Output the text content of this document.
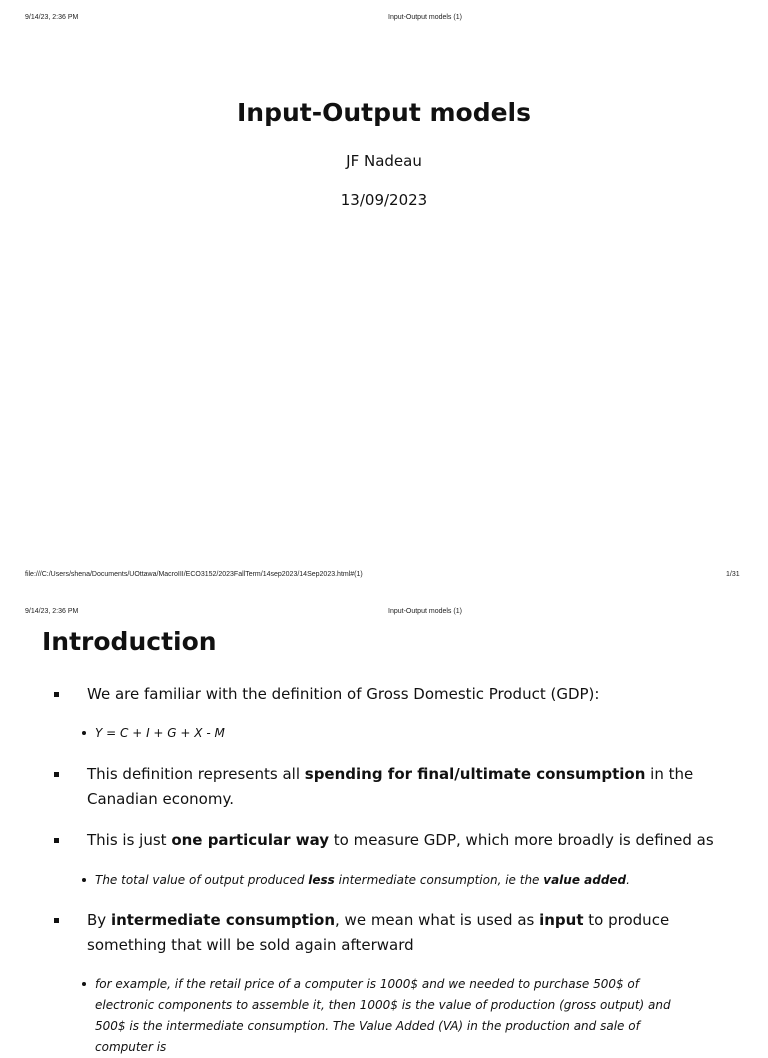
9/14/23, 2:36 PM	Input-Output models (1)
Input-Output models
JF Nadeau
13/09/2023
file:///C:/Users/shena/Documents/UOttawa/MacroIII/ECO3152/2023FallTerm/14sep2023/14Sep2023.html#(1)	1/31
9/14/23, 2:36 PM	Input-Output models (1)
Introduction
We are familiar with the definition of Gross Domestic Product (GDP):
Y = C + I + G + X - M
This definition represents all spending for final/ultimate consumption in the Canadian economy.
This is just one particular way to measure GDP, which more broadly is defined as
The total value of output produced less intermediate consumption, ie the value added.
By intermediate consumption, we mean what is used as input to produce something that will be sold again afterward
for example, if the retail price of a computer is 1000$ and we needed to purchase 500$ of electronic components to assemble it, then 1000$ is the value of production (gross output) and 500$ is the intermediate consumption. The Value Added (VA) in the production and sale of computer is
